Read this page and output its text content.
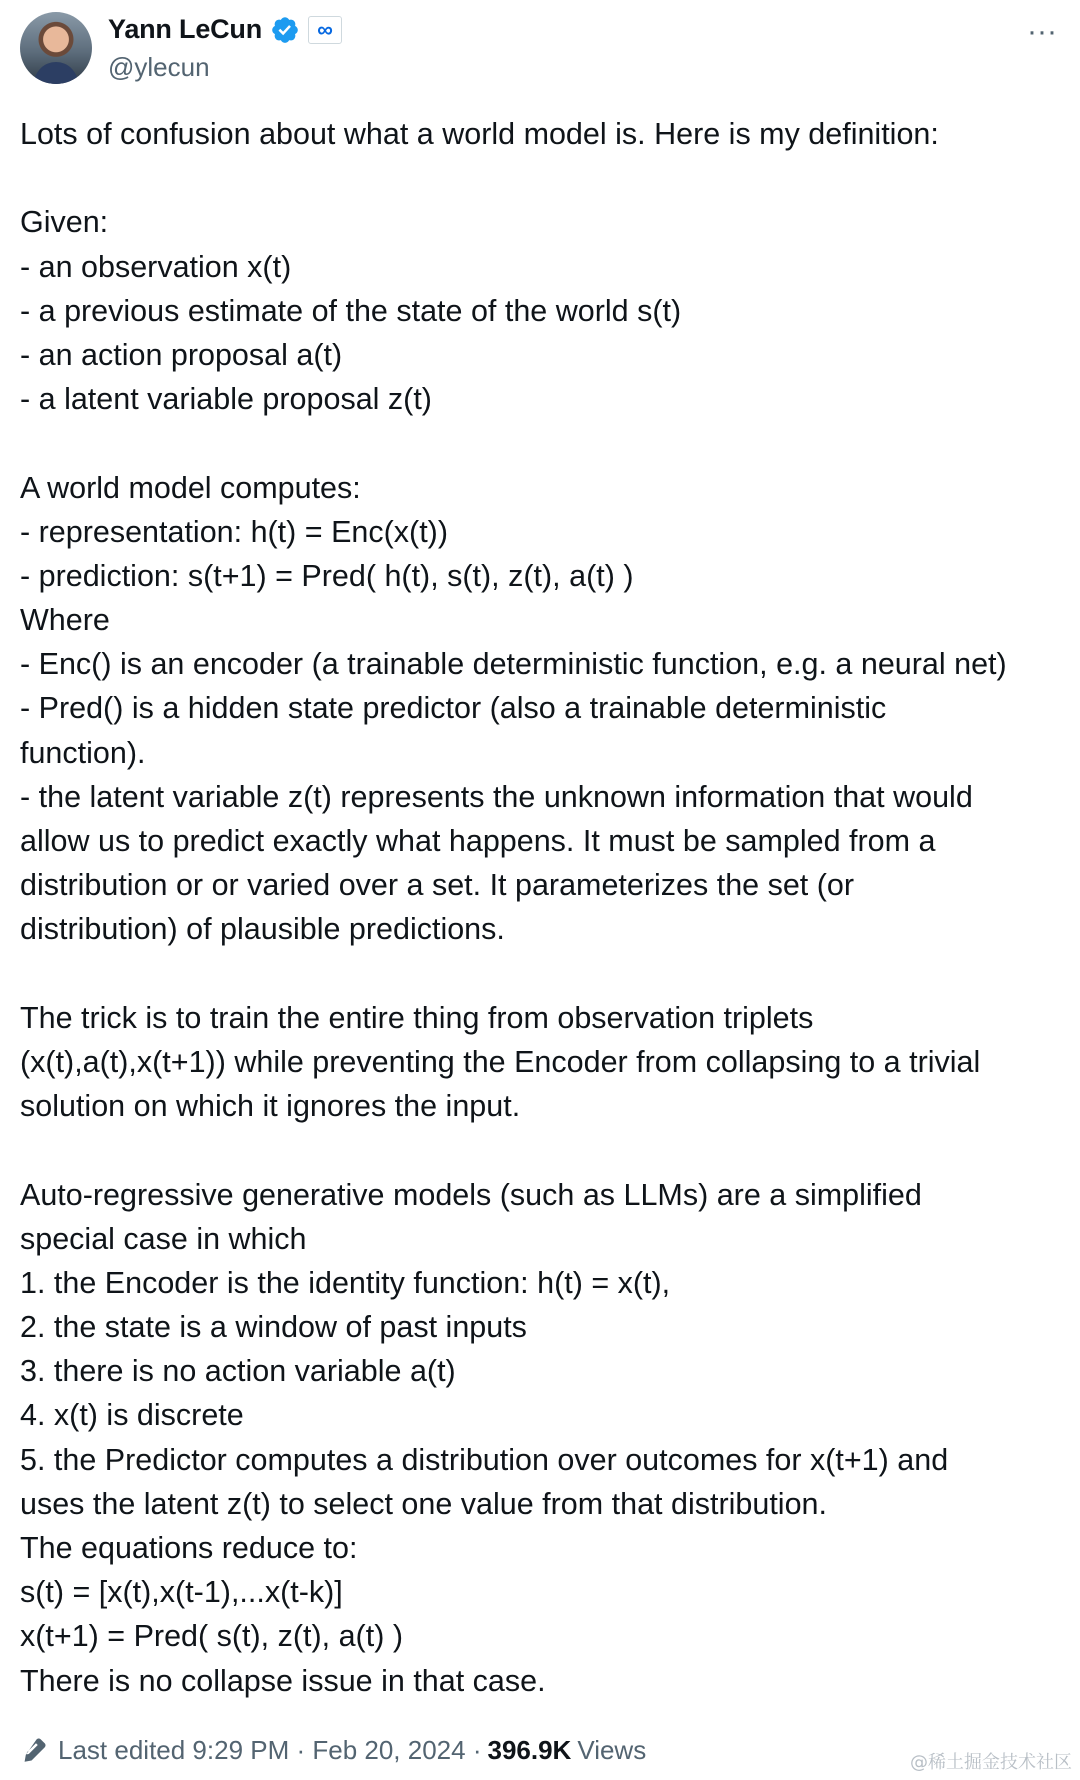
Yann LeCun	∞
@ylecun
···
Lots of confusion about what a world model is. Here is my definition:
Given:
- an observation x(t)
- a previous estimate of the state of the world s(t)
- an action proposal a(t)
- a latent variable proposal z(t)
A world model computes:
- representation: h(t) = Enc(x(t))
- prediction: s(t+1) = Pred( h(t), s(t), z(t), a(t) )
Where
- Enc() is an encoder (a trainable deterministic function, e.g. a neural net)
- Pred() is a hidden state predictor (also a trainable deterministic
function).
- the latent variable z(t) represents the unknown information that would
allow us to predict exactly what happens. It must be sampled from a
distribution or or varied over a set. It parameterizes the set (or
distribution) of plausible predictions.
The trick is to train the entire thing from observation triplets
(x(t),a(t),x(t+1)) while preventing the Encoder from collapsing to a trivial
solution on which it ignores the input.
Auto-regressive generative models (such as LLMs) are a simplified
special case in which
1. the Encoder is the identity function: h(t) = x(t),
2. the state is a window of past inputs
3. there is no action variable a(t)
4. x(t) is discrete
5. the Predictor computes a distribution over outcomes for x(t+1) and
uses the latent z(t) to select one value from that distribution.
The equations reduce to:
s(t) = [x(t),x(t-1),...x(t-k)]
x(t+1) = Pred( s(t), z(t), a(t) )
There is no collapse issue in that case.
Last edited 9:29 PM · Feb 20, 2024 · 396.9K Views	@稀土掘金技术社区
